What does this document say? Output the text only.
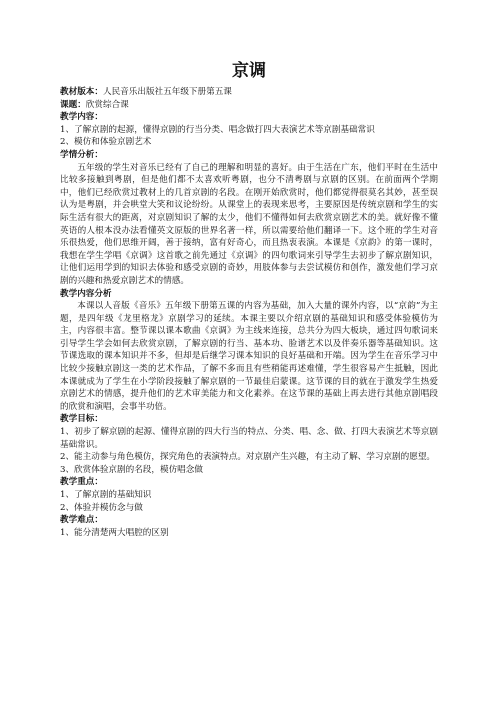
京调

教材版本：人民音乐出版社五年级下册第五课

课题：欣赏综合课

教学内容：

1、了解京剧的起源，懂得京剧的行当分类、唱念做打四大表演艺术等京剧基础常识

2、模仿和体验京剧艺术

学情分析：

五年级的学生对音乐已经有了自己的理解和明显的喜好。由于生活在广东，他们平时在生活中比较多接触到粤剧，但是他们都不太喜欢听粤剧，也分不清粤剧与京剧的区别。在前面两个学期中，他们已经欣赏过教材上的几首京剧的名段。在刚开始欣赏时，他们都觉得很莫名其妙，甚至误认为是粤剧，并会哄堂大笑和议论纷纷。从课堂上的表现来思考，主要原因是传统京剧和学生的实际生活有很大的距离，对京剧知识了解的太少，他们不懂得如何去欣赏京剧艺术的美。就好像不懂英语的人根本没办法看懂英文原版的世界名著一样，所以需要给他们翻译一下。这个班的学生对音乐很热爱，他们思维开阔，善于接纳，富有好奇心，而且热衷表演。本课是《京韵》的第一课时，我想在学生学唱《京调》这首歌之前先通过《京调》的四句歌词来引导学生去初步了解京剧知识，让他们运用学到的知识去体验和感受京剧的奇妙，用肢体参与去尝试模仿和创作，激发他们学习京剧的兴趣和热爱京剧艺术的情感。

教学内容分析

本课以人音版《音乐》五年级下册第五课的内容为基础，加入大量的课外内容，以“京韵”为主题，是四年级《龙里格龙》京剧学习的延续。本课主要以介绍京剧的基础知识和感受体验模仿为主，内容很丰富。整节课以课本歌曲《京调》为主线来连接，总共分为四大板块，通过四句歌词来引导学生学会如何去欣赏京剧，了解京剧的行当、基本功、脸谱艺术以及伴奏乐器等基础知识。这节课选取的课本知识并不多，但却是后继学习课本知识的良好基础和开端。因为学生在音乐学习中比较少接触京剧这一类的艺术作品，了解不多而且有些稍能再述难懂，学生很容易产生抵触，因此本课就成为了学生在小学阶段接触了解京剧的一节最佳启蒙课。这节课的目的就在于激发学生热爱京剧艺术的情感，提升他们的艺术审美能力和文化素养。在这节课的基础上再去进行其他京剧唱段的欣赏和演唱，会事半功倍。

教学目标：

1、初步了解京剧的起源、懂得京剧的四大行当的特点、分类、唱、念、做、打四大表演艺术等京剧基础常识。

2、能主动参与角色模仿，探究角色的表演特点。对京剧产生兴趣，有主动了解、学习京剧的愿望。

3、欣赏体验京剧的名段，模仿唱念做

教学重点：

1、了解京剧的基础知识

2、体验并模仿念与做

教学难点：

1、能分清楚两大唱腔的区别
